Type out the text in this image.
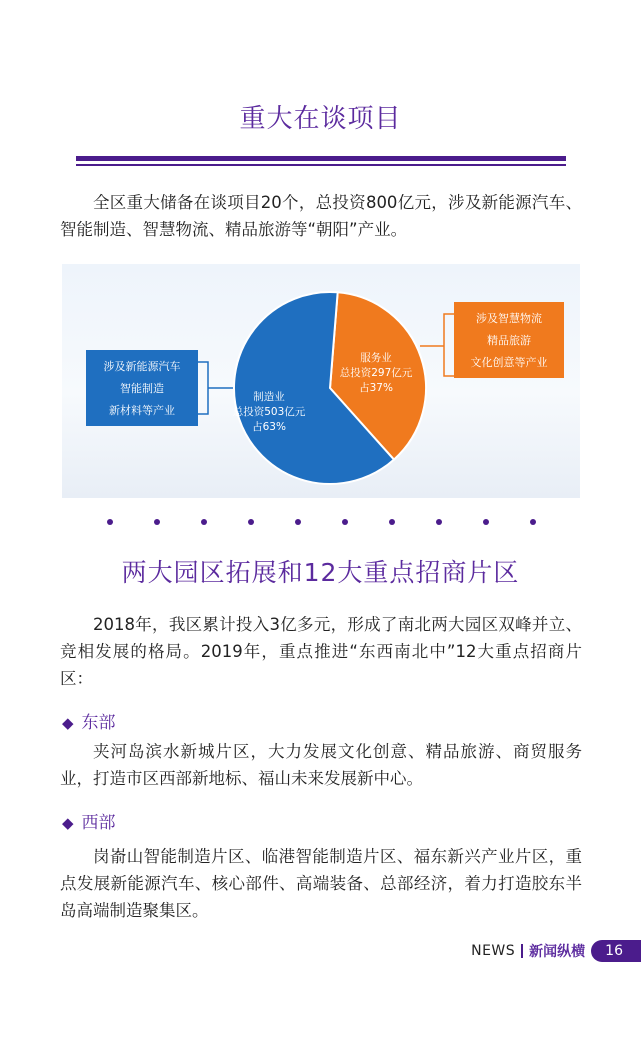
重大在谈项目
全区重大储备在谈项目20个，总投资800亿元，涉及新能源汽车、智能制造、智慧物流、精品旅游等“朝阳”产业。
涉及新能源汽车
智能制造
新材料等产业
制造业
总投资503亿元
占63%
服务业
总投资297亿元
占37%
涉及智慧物流
精品旅游
文化创意等产业
两大园区拓展和12大重点招商片区
2018年，我区累计投入3亿多元，形成了南北两大园区双峰并立、竞相发展的格局。2019年，重点推进“东西南北中”12大重点招商片区：
◆ 东部
夹河岛滨水新城片区，大力发展文化创意、精品旅游、商贸服务业，打造市区西部新地标、福山未来发展新中心。
◆ 西部
岗嵛山智能制造片区、临港智能制造片区、福东新兴产业片区，重点发展新能源汽车、核心部件、高端装备、总部经济，着力打造胶东半岛高端制造聚集区。
NEWS 新闻纵横	16
